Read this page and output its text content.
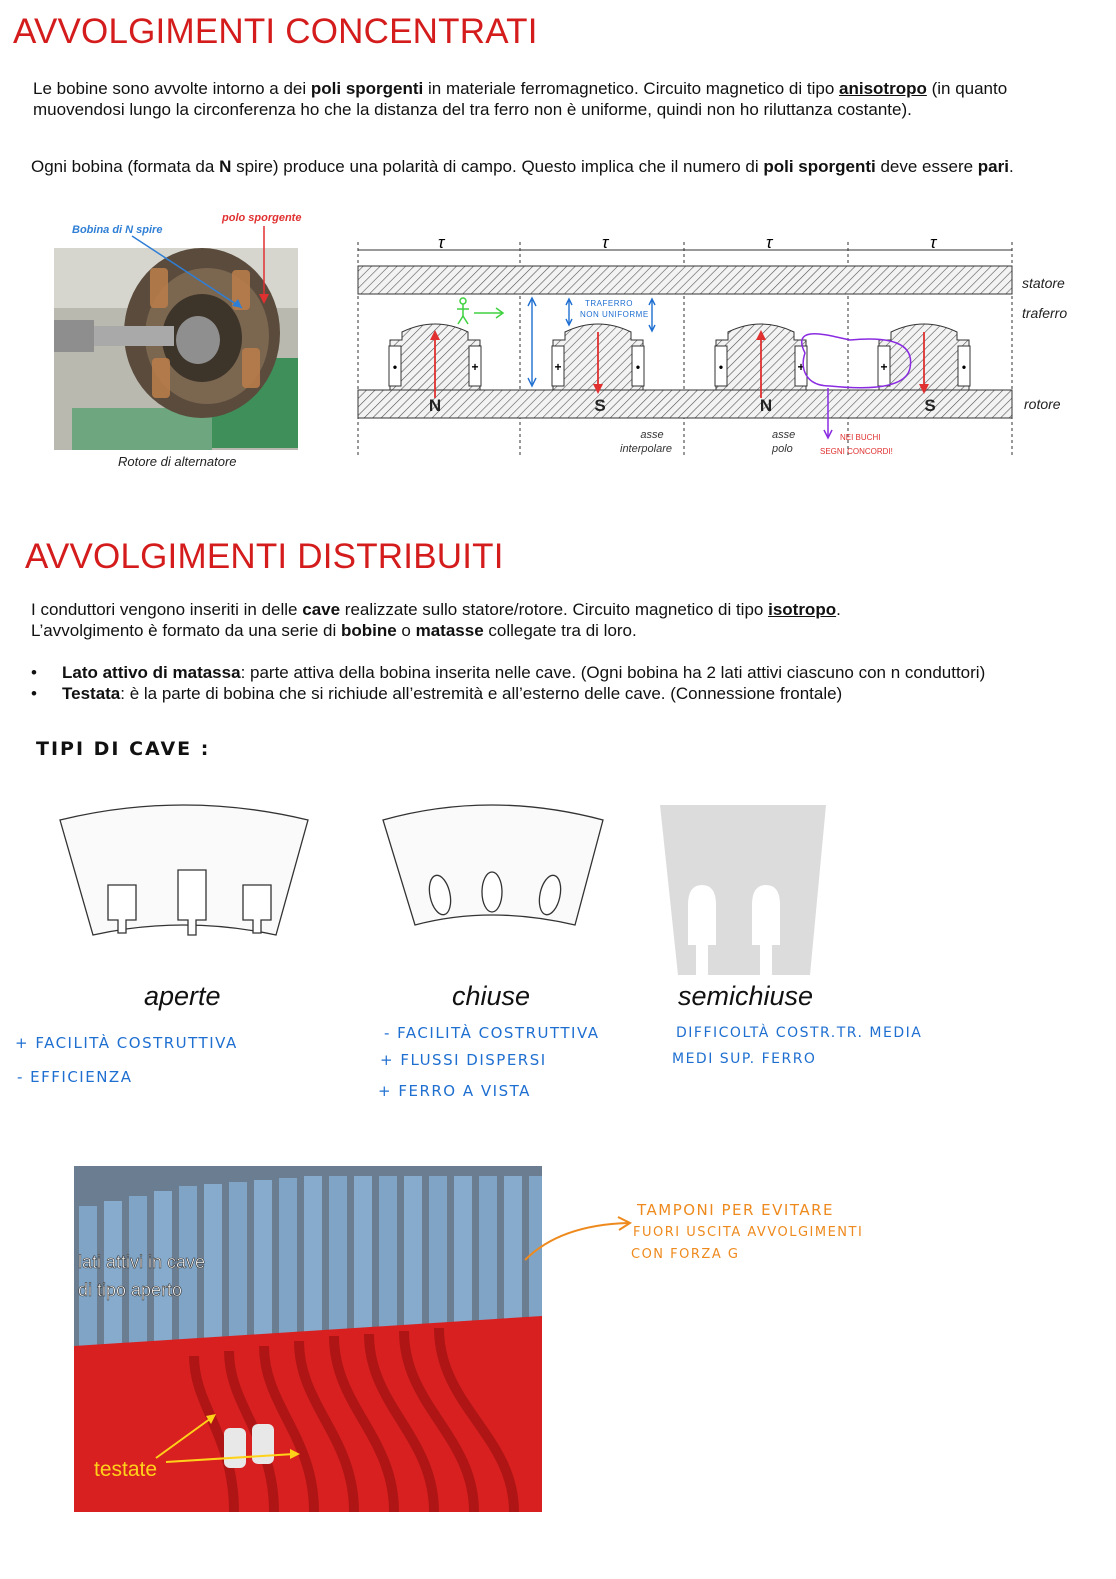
AVVOLGIMENTI CONCENTRATI
Le bobine sono avvolte intorno a dei poli sporgenti in materiale ferromagnetico. Circuito magnetico di tipo anisotropo (in quanto muovendosi lungo la circonferenza ho che la distanza del tra ferro non è uniforme, quindi non ho riluttanza costante).
Ogni bobina (formata da N spire) produce una polarità di campo. Questo implica che il numero di poli sporgenti deve essere pari.
Bobina di N spire
polo sporgente
Rotore di alternatore
τ	τ	τ	τ
•	+	+	•	•	+	+	•
N	S	N	S
statore
traferro
rotore
asse
interpolare
asse
polo
TRAFERRO
NON UNIFORME
NEI BUCHI
SEGNI CONCORDI!
AVVOLGIMENTI DISTRIBUITI
I conduttori vengono inseriti in delle cave realizzate sullo statore/rotore. Circuito magnetico di tipo isotropo.
L’avvolgimento è formato da una serie di bobine o matasse collegate tra di loro.
• Lato attivo di matassa: parte attiva della bobina inserita nelle cave. (Ogni bobina ha 2 lati attivi ciascuno con n conduttori)
• Testata: è la parte di bobina che si richiude all’estremità e all’esterno delle cave. (Connessione frontale)
TIPI DI CAVE :
aperte	chiuse	semichiuse
+ FACILITÀ COSTRUTTIVA
- EFFICIENZA
- FACILITÀ COSTRUTTIVA
+ FLUSSI DISPERSI
+ FERRO A VISTA
DIFFICOLTÀ COSTR.TR. MEDIA
MEDI SUP. FERRO
lati attivi in cave
di tipo aperto
testate
TAMPONI PER EVITARE
FUORI USCITA AVVOLGIMENTI
CON FORZA G
